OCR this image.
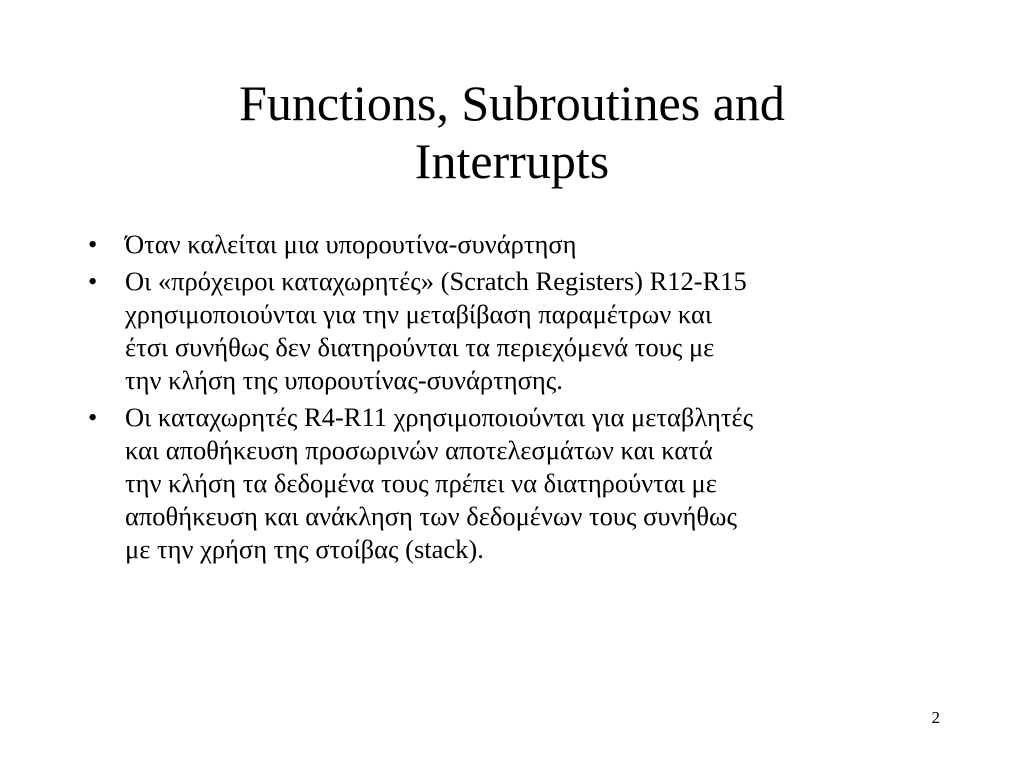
Functions, Subroutines and
Interrupts
•	Όταν καλείται μια υπορουτίνα-συνάρτηση
•	Οι «πρόχειροι καταχωρητές» (Scratch Registers) R12-R15
χρησιμοποιούνται για την μεταβίβαση παραμέτρων και
έτσι συνήθως δεν διατηρούνται τα περιεχόμενά τους με
την κλήση της υπορουτίνας-συνάρτησης.
•	Οι καταχωρητές R4-R11 χρησιμοποιούνται για μεταβλητές
και αποθήκευση προσωρινών αποτελεσμάτων και κατά
την κλήση τα δεδομένα τους πρέπει να διατηρούνται με
αποθήκευση και ανάκληση των δεδομένων τους συνήθως
με την χρήση της στοίβας (stack).
2
